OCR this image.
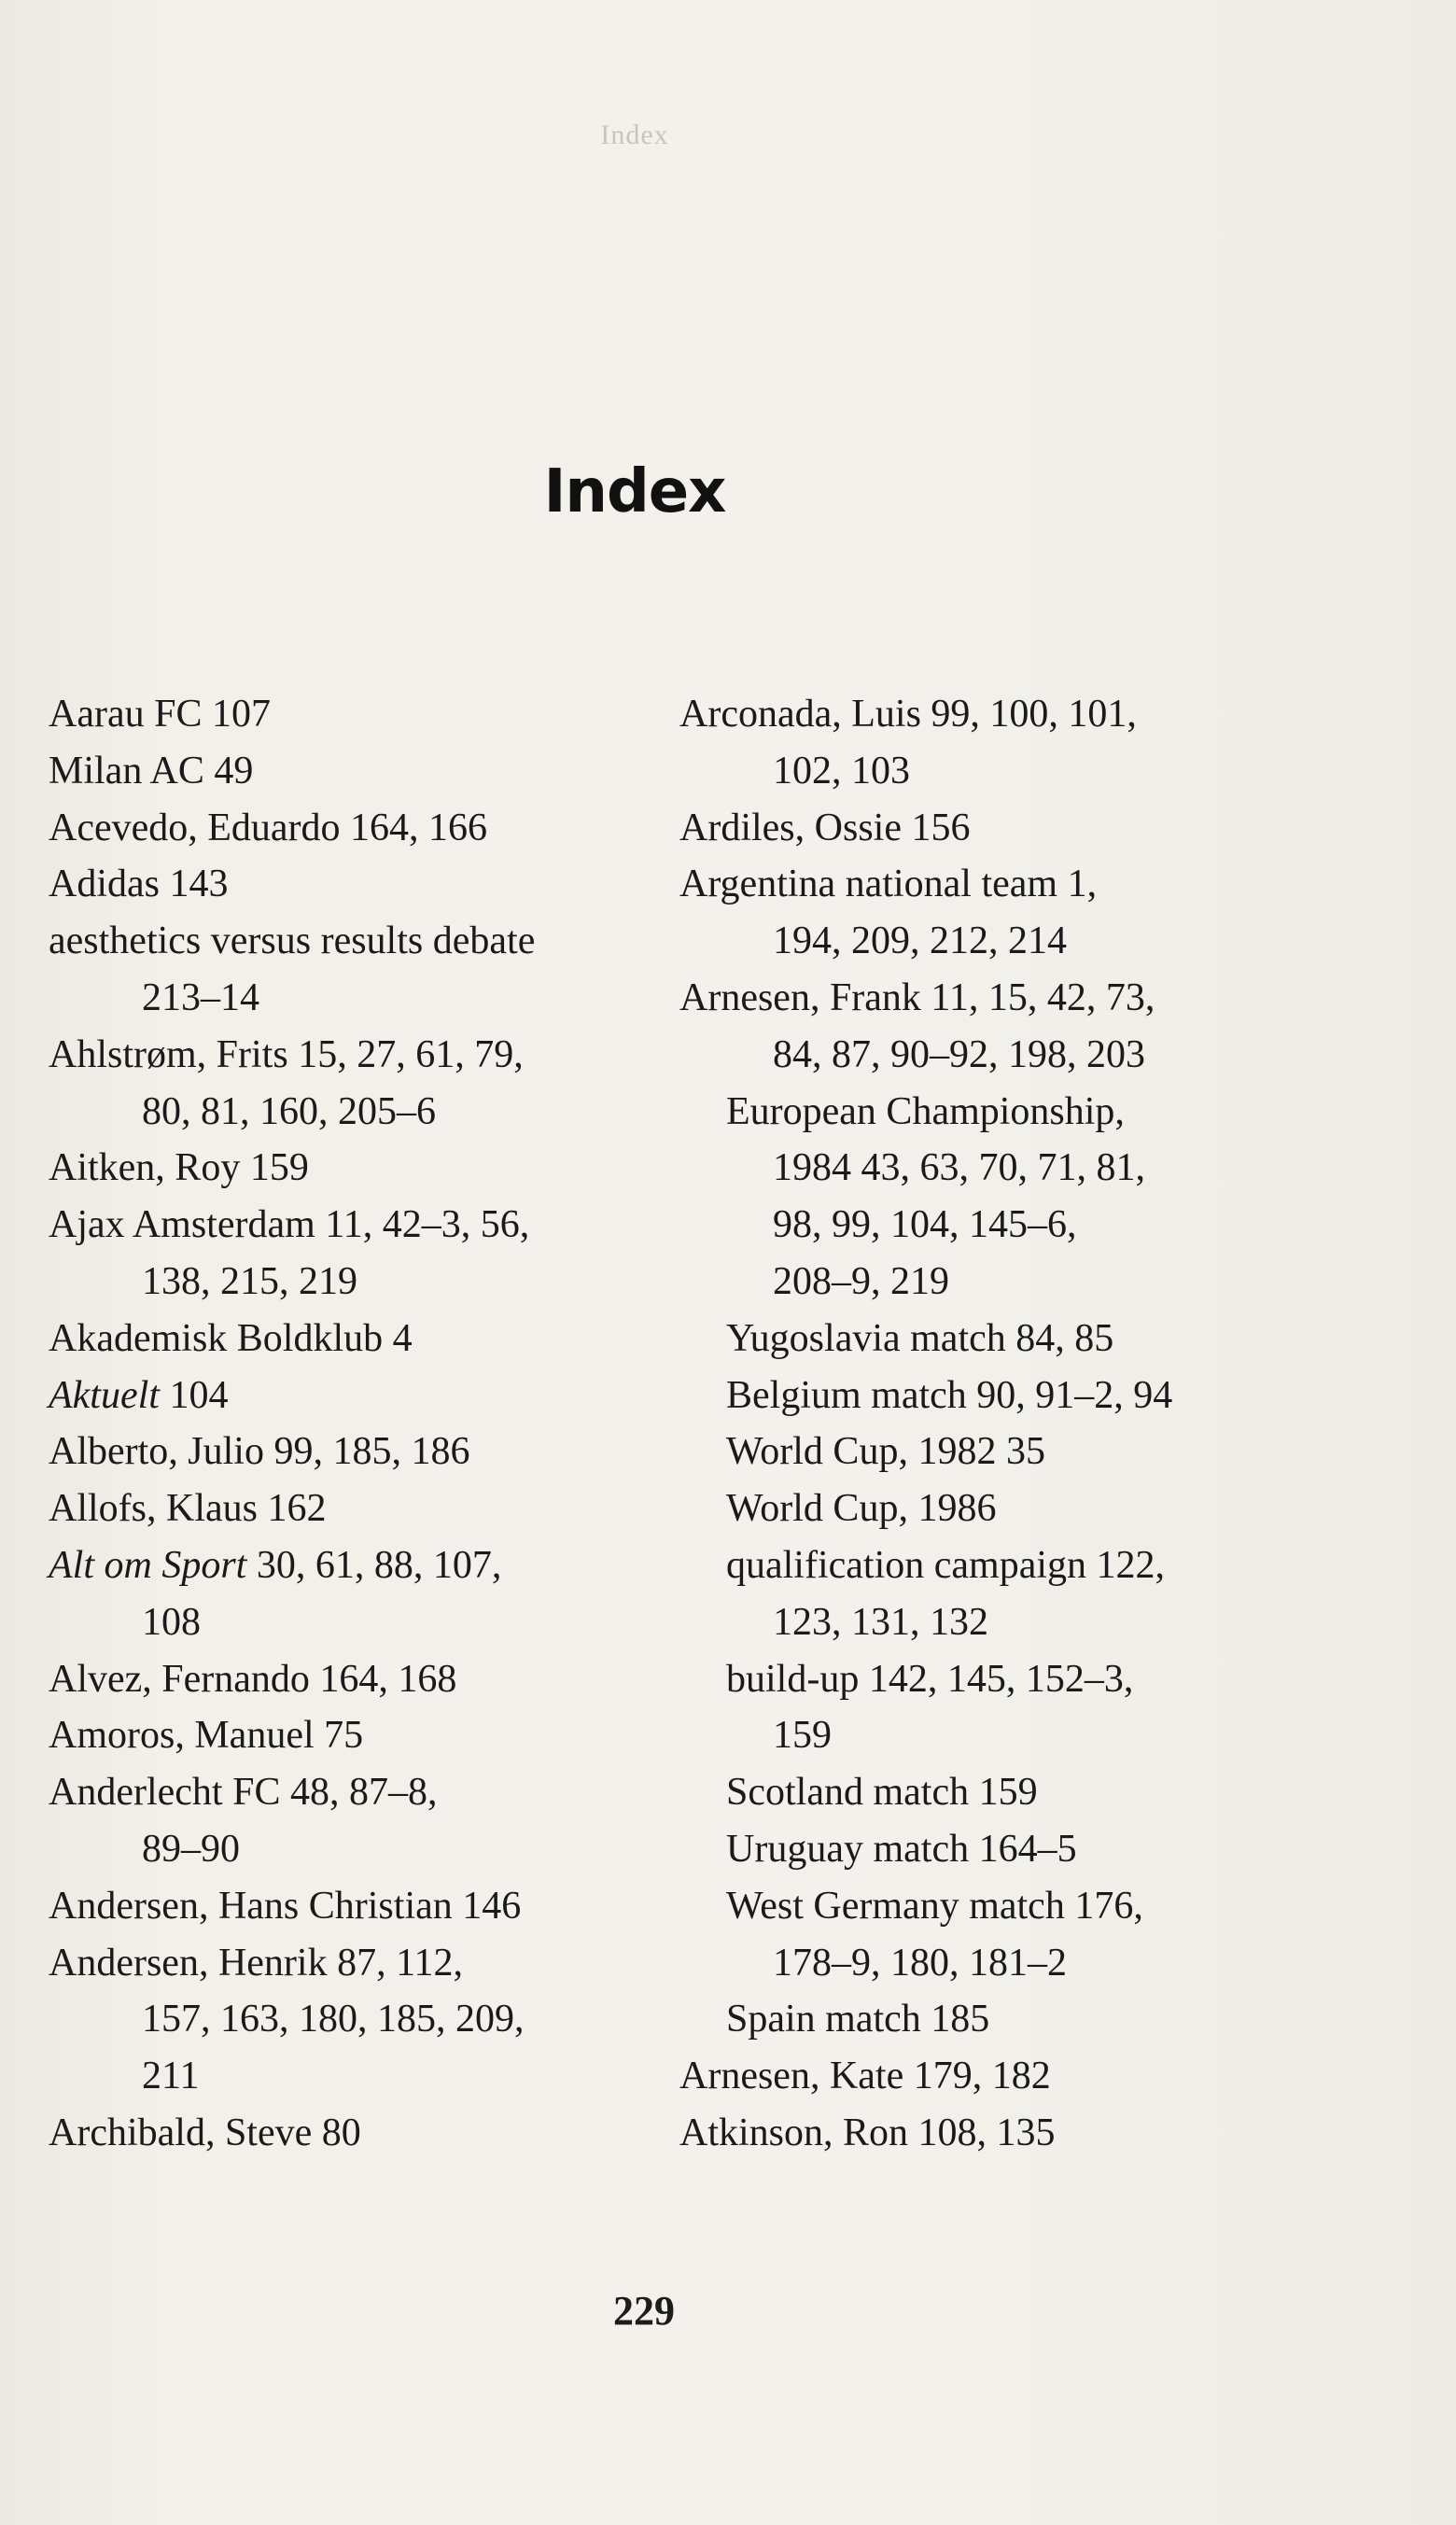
Index
Index
Aarau FC 107
Milan AC 49
Acevedo, Eduardo 164, 166
Adidas 143
aesthetics versus results debate
213–14
Ahlstrøm, Frits 15, 27, 61, 79,
80, 81, 160, 205–6
Aitken, Roy 159
Ajax Amsterdam 11, 42–3, 56,
138, 215, 219
Akademisk Boldklub 4
Aktuelt 104
Alberto, Julio 99, 185, 186
Allofs, Klaus 162
Alt om Sport 30, 61, 88, 107,
108
Alvez, Fernando 164, 168
Amoros, Manuel 75
Anderlecht FC 48, 87–8,
89–90
Andersen, Hans Christian 146
Andersen, Henrik 87, 112,
157, 163, 180, 185, 209,
211
Archibald, Steve 80
Arconada, Luis 99, 100, 101,
102, 103
Ardiles, Ossie 156
Argentina national team 1,
194, 209, 212, 214
Arnesen, Frank 11, 15, 42, 73,
84, 87, 90–92, 198, 203
European Championship,
1984 43, 63, 70, 71, 81,
98, 99, 104, 145–6,
208–9, 219
Yugoslavia match 84, 85
Belgium match 90, 91–2, 94
World Cup, 1982 35
World Cup, 1986
qualification campaign 122,
123, 131, 132
build-up 142, 145, 152–3,
159
Scotland match 159
Uruguay match 164–5
West Germany match 176,
178–9, 180, 181–2
Spain match 185
Arnesen, Kate 179, 182
Atkinson, Ron 108, 135
229
